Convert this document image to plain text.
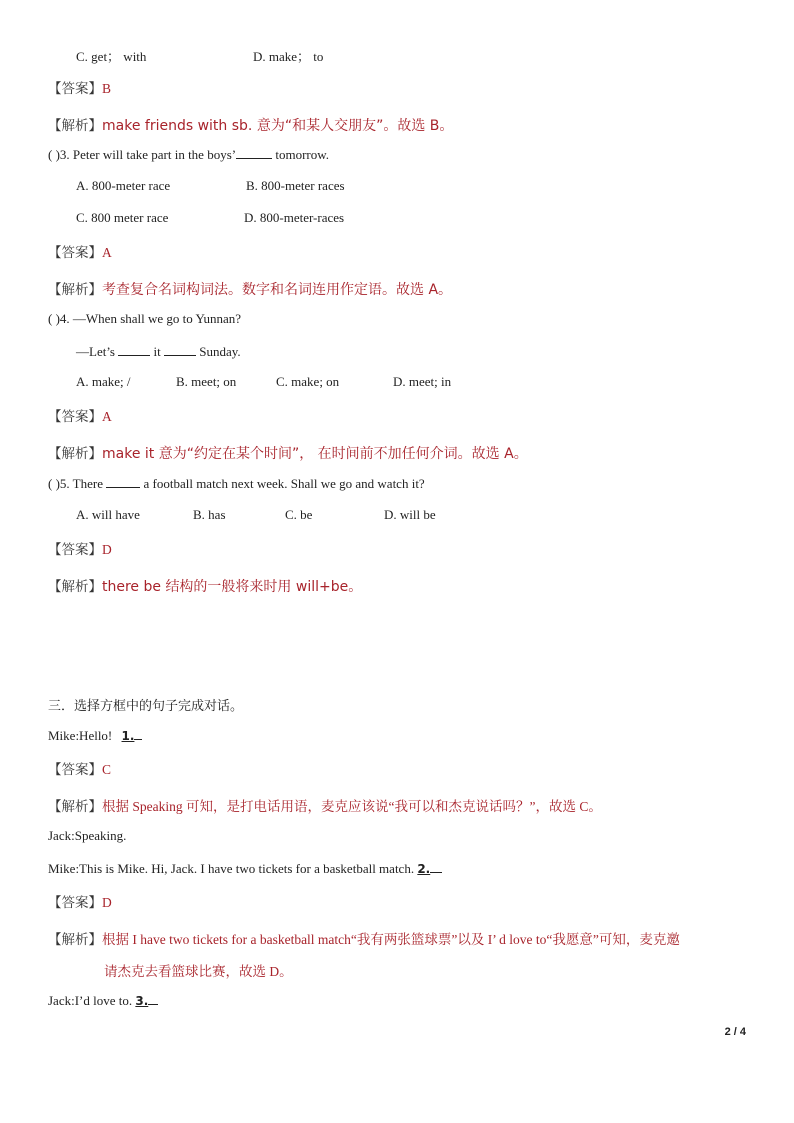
C. get； with	D. make； to
【答案】B
【解析】make friends with sb. 意为“和某人交朋友”。故选 B。
( )3. Peter will take part in the boys’	tomorrow.
A. 800-meter race	B. 800-meter races
C. 800 meter race	D. 800-meter-races
【答案】A
【解析】考查复合名词构词法。数字和名词连用作定语。故选 A。
( )4. —When shall we go to Yunnan?
—Let’s	it	Sunday.
A. make; /	B. meet; on	C. make; on	D. meet; in
【答案】A
【解析】make it 意为“约定在某个时间”， 在时间前不加任何介词。故选 A。
( )5. There	a football match next week. Shall we go and watch it?
A. will have	B. has	C. be	D. will be
【答案】D
【解析】there be 结构的一般将来时用 will+be。
三．选择方框中的句子完成对话。
Mike:Hello! 1.
【答案】C
【解析】根据 Speaking 可知，是打电话用语，麦克应该说“我可以和杰克说话吗？”，故选 C。
Jack:Speaking.
Mike:This is Mike. Hi, Jack. I have two tickets for a basketball match. 2.
【答案】D
【解析】根据 I have two tickets for a basketball match“我有两张篮球票”以及 I’ d love to“我愿意”可知，麦克邀
请杰克去看篮球比赛，故选 D。
Jack:I’d love to. 3.
2 / 4
